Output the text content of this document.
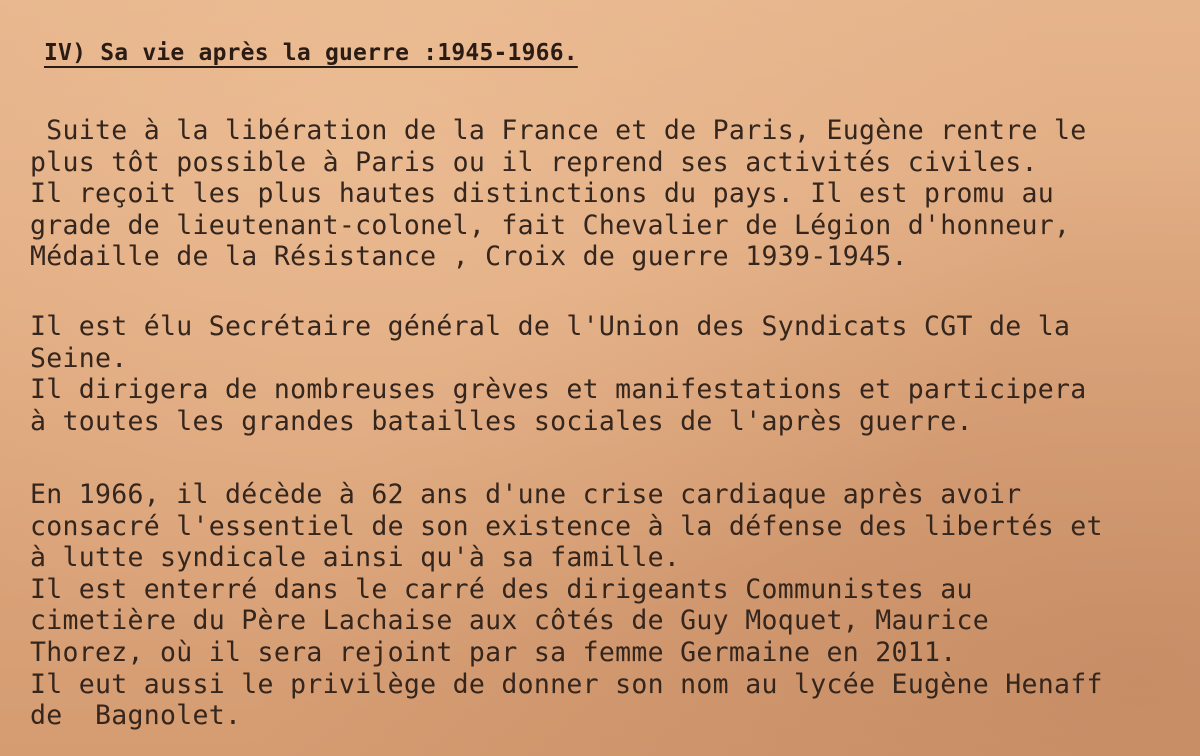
IV) Sa vie après la guerre :1945-1966.
Suite à la libération de la France et de Paris, Eugène rentre le
plus tôt possible à Paris ou il reprend ses activités civiles.
Il reçoit les plus hautes distinctions du pays. Il est promu au
grade de lieutenant-colonel, fait Chevalier de Légion d'honneur,
Médaille de la Résistance , Croix de guerre 1939-1945.
Il est élu Secrétaire général de l'Union des Syndicats CGT de la
Seine.
Il dirigera de nombreuses grèves et manifestations et participera
à toutes les grandes batailles sociales de l'après guerre.
En 1966, il décède à 62 ans d'une crise cardiaque après avoir
consacré l'essentiel de son existence à la défense des libertés et
à lutte syndicale ainsi qu'à sa famille.
Il est enterré dans le carré des dirigeants Communistes au
cimetière du Père Lachaise aux côtés de Guy Moquet, Maurice
Thorez, où il sera rejoint par sa femme Germaine en 2011.
Il eut aussi le privilège de donner son nom au lycée Eugène Henaff
de  Bagnolet.
